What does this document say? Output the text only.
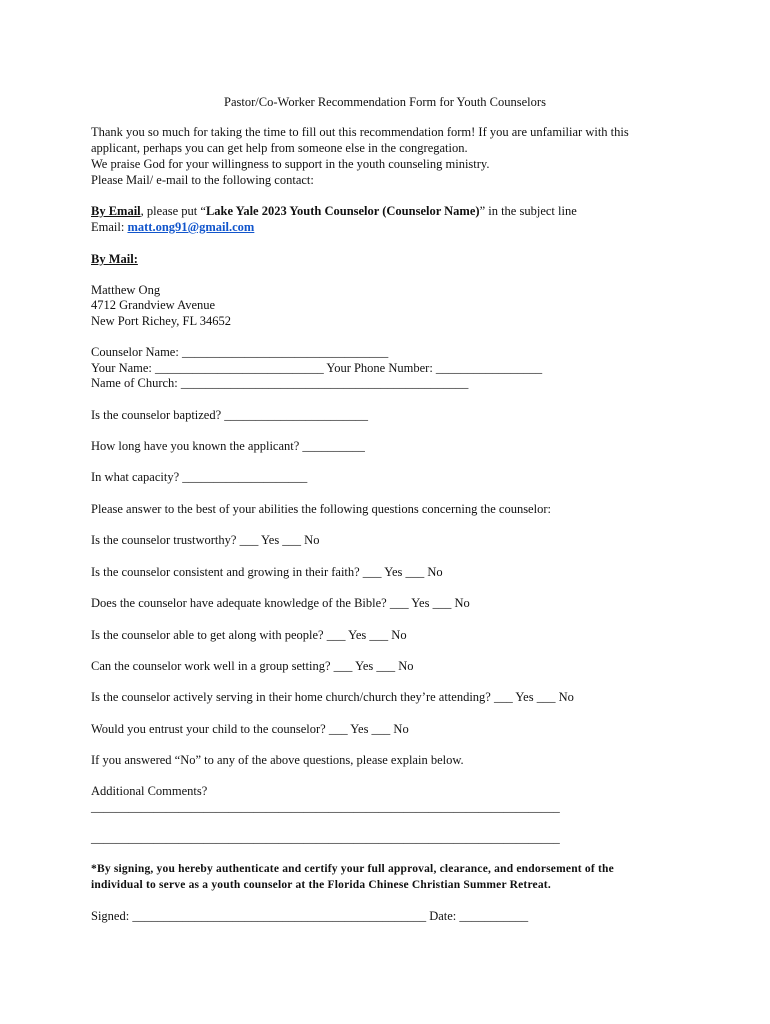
Pastor/Co-Worker Recommendation Form for Youth Counselors
Thank you so much for taking the time to fill out this recommendation form! If you are unfamiliar with this
applicant, perhaps you can get help from someone else in the congregation.
We praise God for your willingness to support in the youth counseling ministry.
Please Mail/ e-mail to the following contact:
By Email, please put “Lake Yale 2023 Youth Counselor (Counselor Name)” in the subject line
Email: matt.ong91@gmail.com
By Mail:
Matthew Ong
4712 Grandview Avenue
New Port Richey, FL 34652
Counselor Name: _________________________________
Your Name: ___________________________ Your Phone Number: _________________
Name of Church: ______________________________________________
Is the counselor baptized? _______________________
How long have you known the applicant? __________
In what capacity? ____________________
Please answer to the best of your abilities the following questions concerning the counselor:
Is the counselor trustworthy? ___ Yes ___ No
Is the counselor consistent and growing in their faith? ___ Yes ___ No
Does the counselor have adequate knowledge of the Bible? ___ Yes ___ No
Is the counselor able to get along with people? ___ Yes ___ No
Can the counselor work well in a group setting? ___ Yes ___ No
Is the counselor actively serving in their home church/church they’re attending? ___ Yes ___ No
Would you entrust your child to the counselor? ___ Yes ___ No
If you answered “No” to any of the above questions, please explain below.
Additional Comments?
___________________________________________________________________________
___________________________________________________________________________
*By signing, you hereby authenticate and certify your full approval, clearance, and endorsement of the
individual to serve as a youth counselor at the Florida Chinese Christian Summer Retreat.
Signed: _______________________________________________ Date: ___________
